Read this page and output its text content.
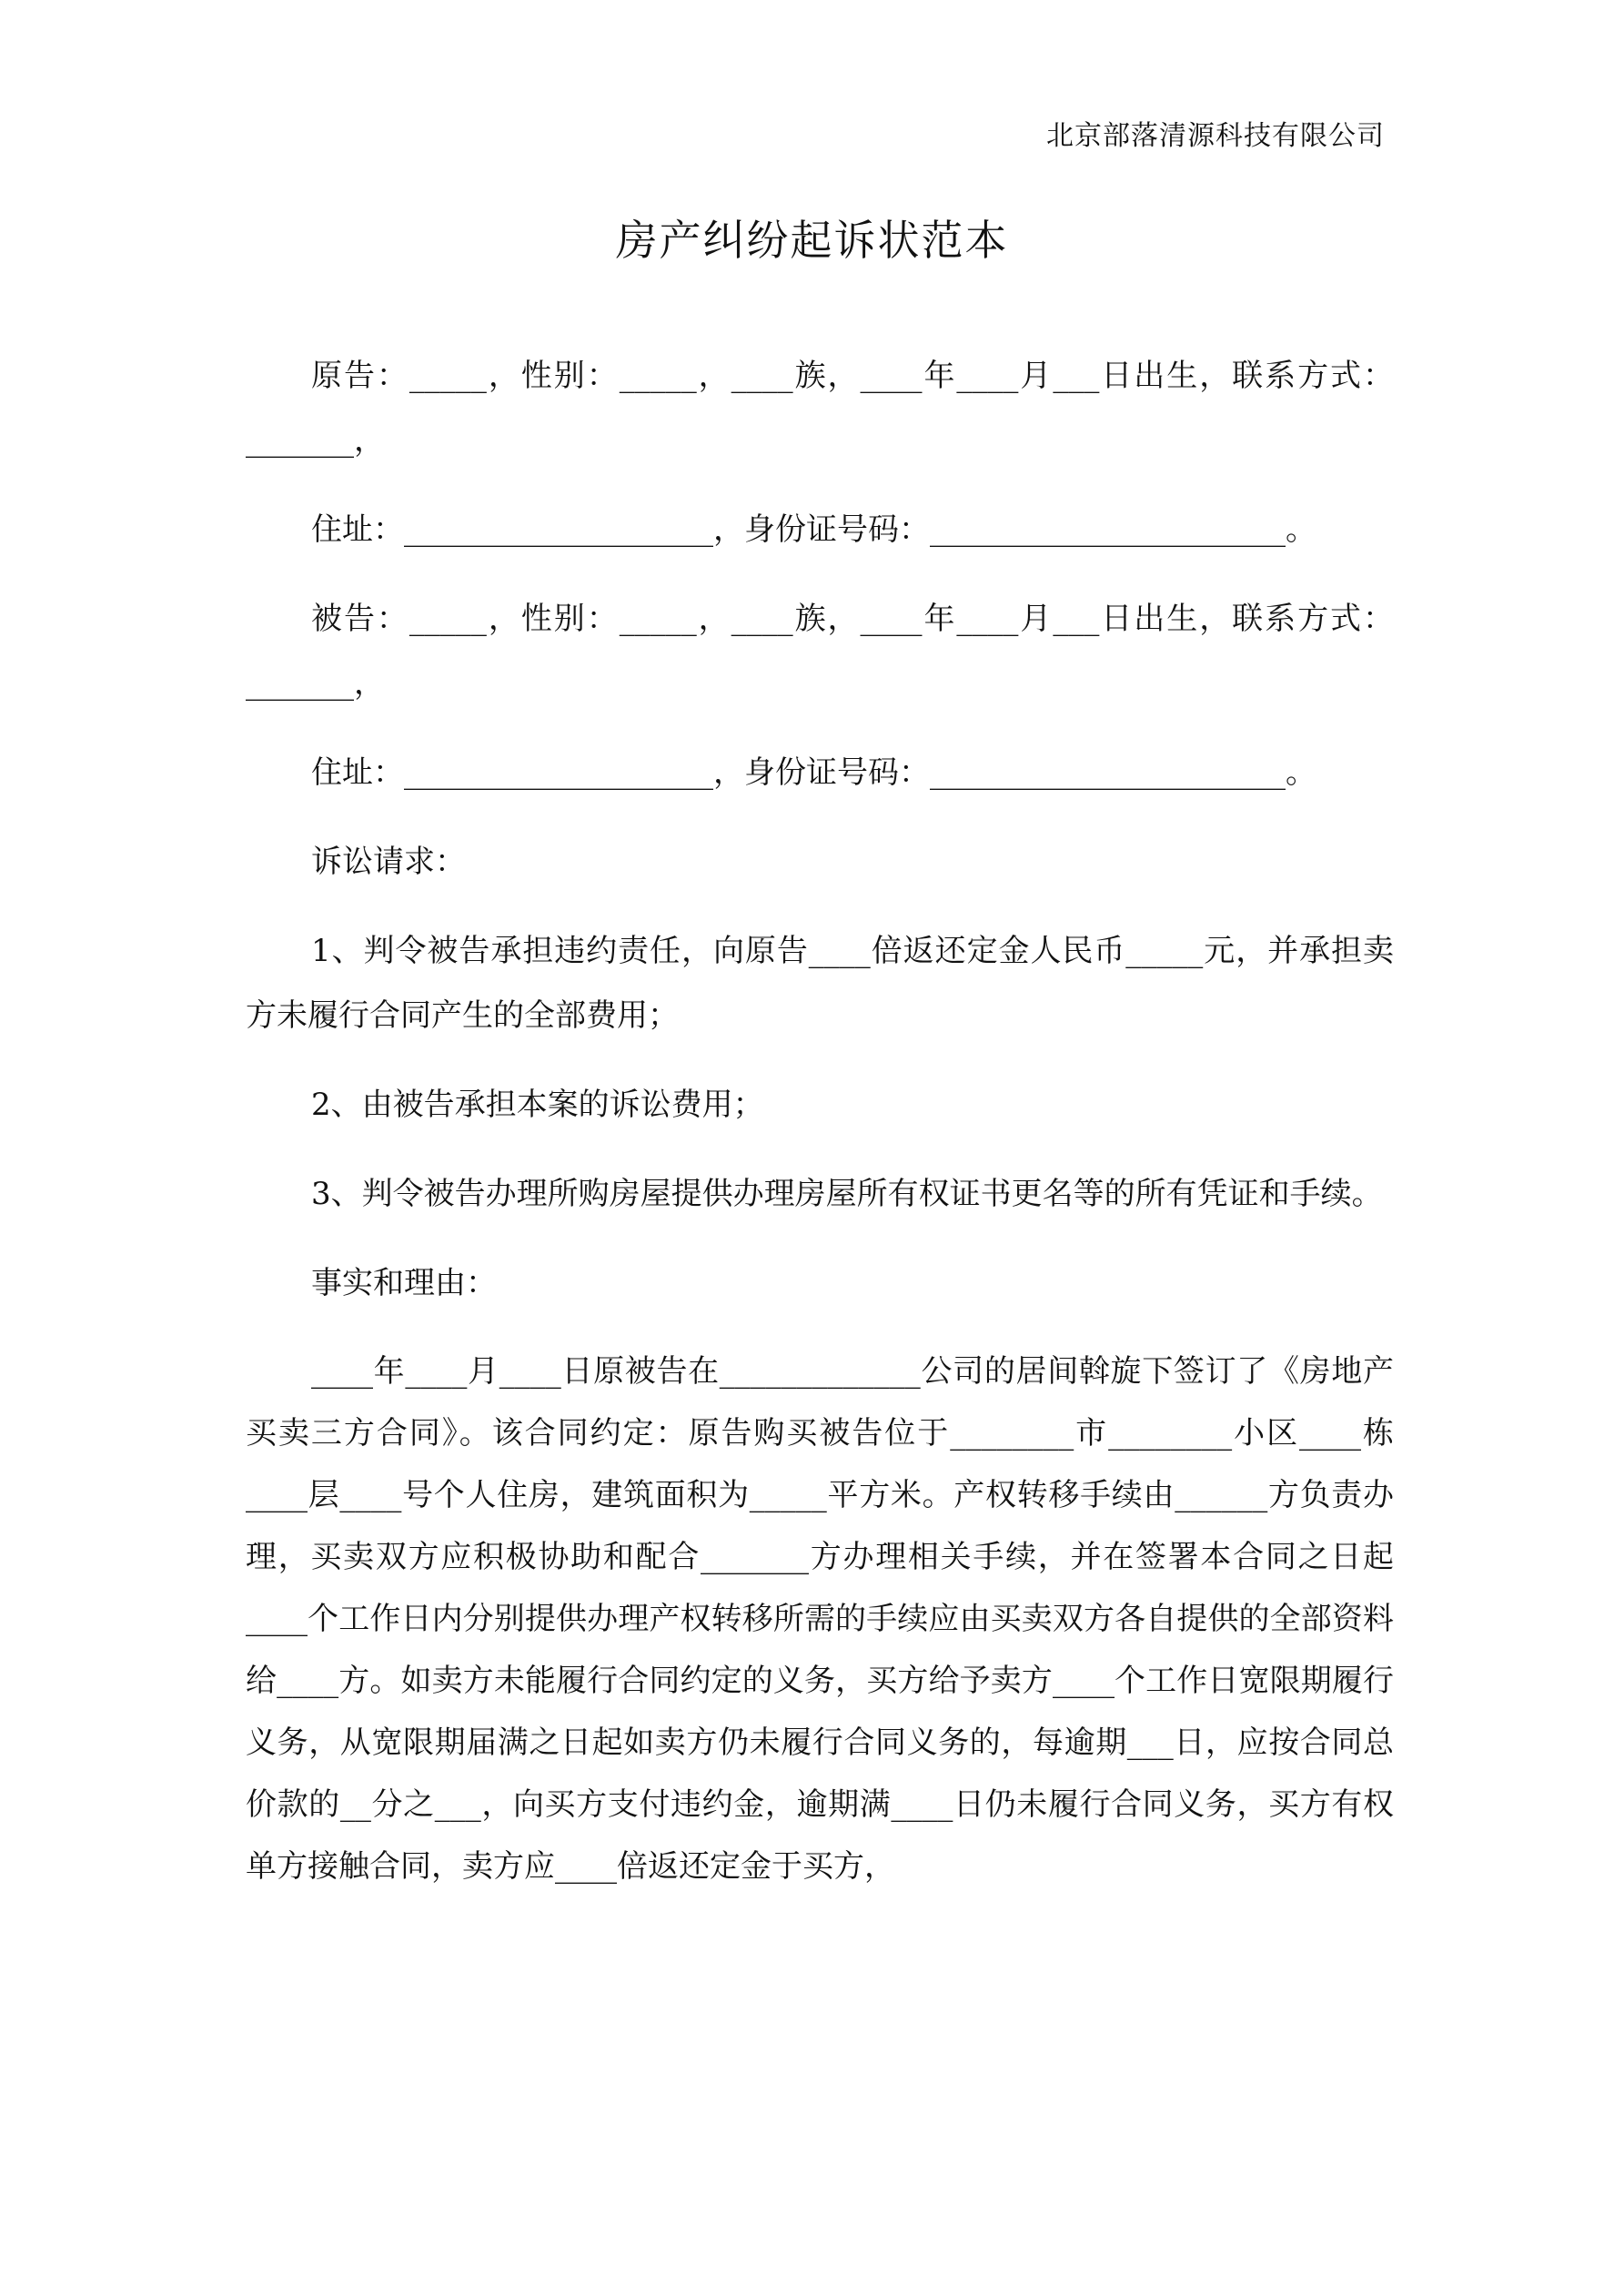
北京部落清源科技有限公司
房产纠纷起诉状范本

原告：_____，性别：_____，____族，____年____月___日出生，联系方式：_______，

住址：____________________，身份证号码：_______________________。

被告：_____，性别：_____，____族，____年____月___日出生，联系方式：_______，

住址：____________________，身份证号码：_______________________。

诉讼请求：

1、判令被告承担违约责任，向原告____倍返还定金人民币_____元，并承担卖方未履行合同产生的全部费用；

2、由被告承担本案的诉讼费用；

3、判令被告办理所购房屋提供办理房屋所有权证书更名等的所有凭证和手续。

事实和理由：

____年____月____日原被告在_____________公司的居间斡旋下签订了《房地产买卖三方合同》。该合同约定：原告购买被告位于________市________小区____栋____层____号个人住房，建筑面积为_____平方米。产权转移手续由______方负责办理，买卖双方应积极协助和配合_______方办理相关手续，并在签署本合同之日起____个工作日内分别提供办理产权转移所需的手续应由买卖双方各自提供的全部资料给____方。如卖方未能履行合同约定的义务，买方给予卖方____个工作日宽限期履行义务，从宽限期届满之日起如卖方仍未履行合同义务的，每逾期___日，应按合同总价款的__分之___，向买方支付违约金，逾期满____日仍未履行合同义务，买方有权单方接触合同，卖方应____倍返还定金于买方，
